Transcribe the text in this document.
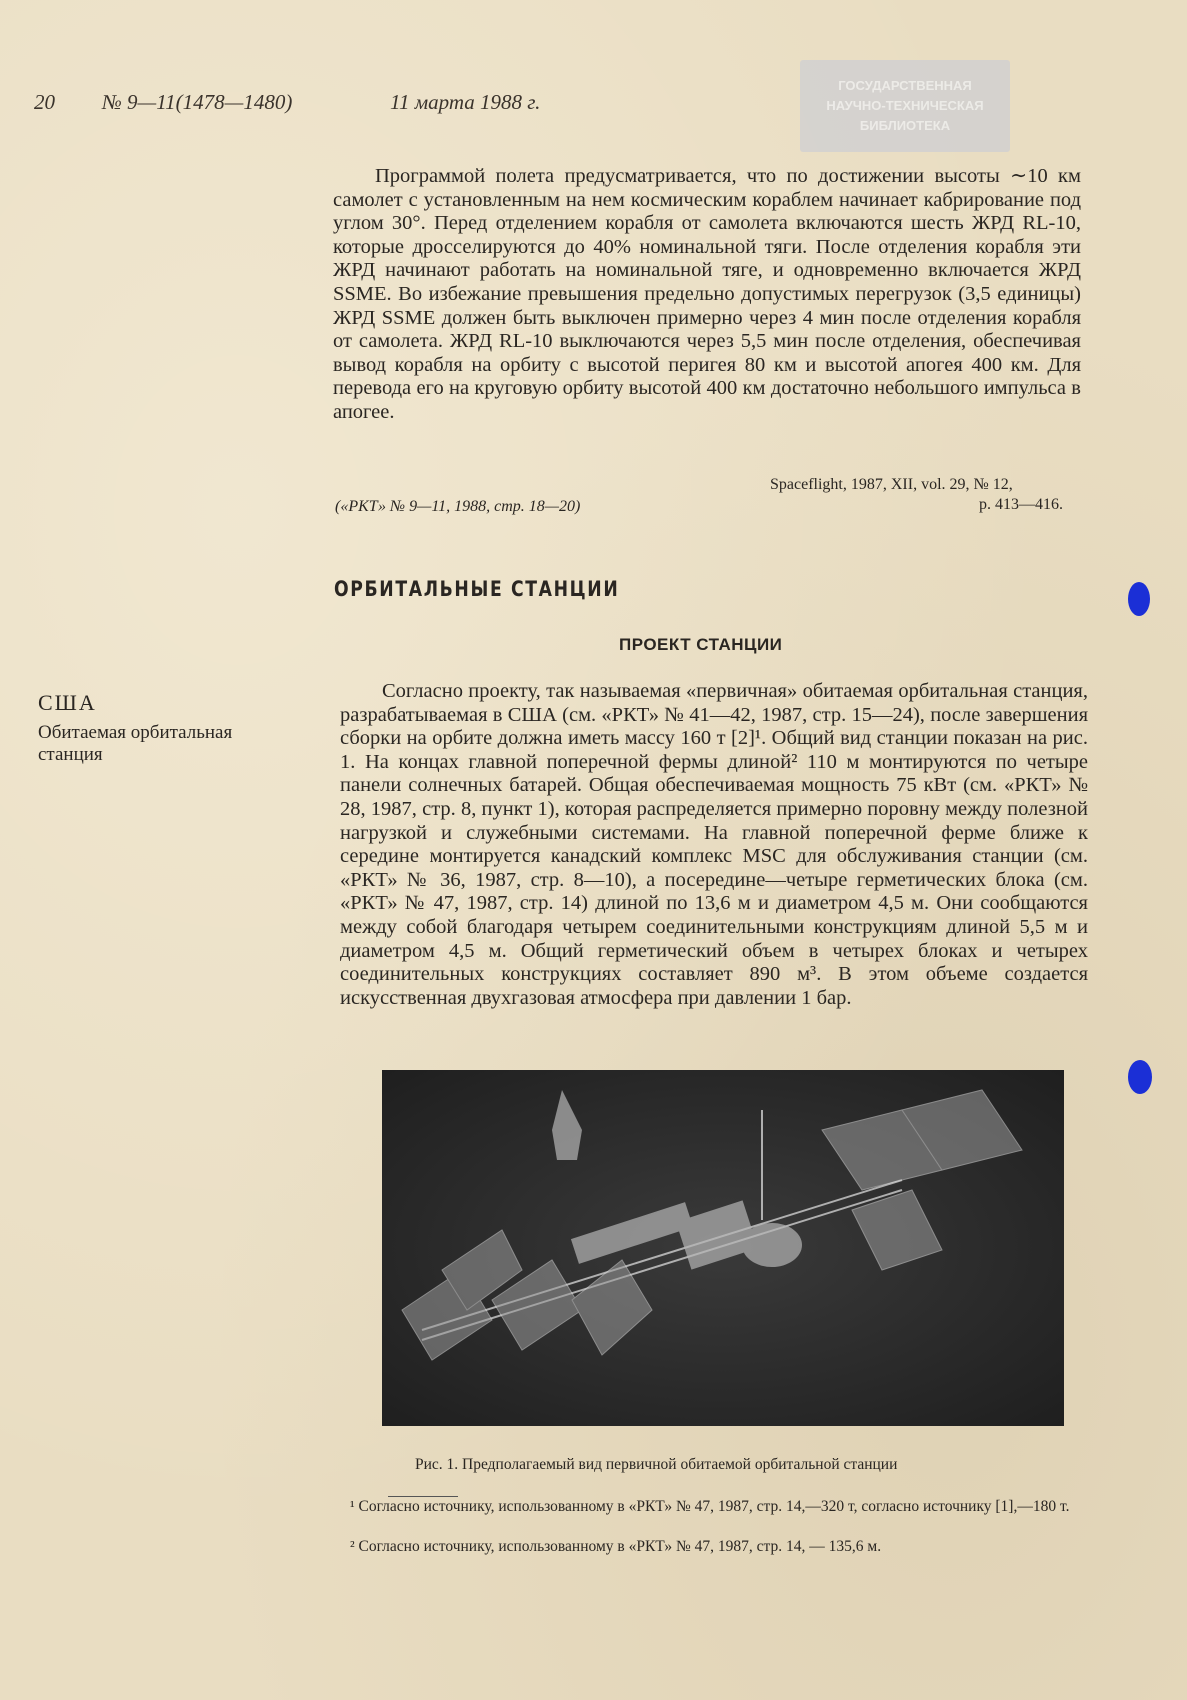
20 № 9—11(1478—1480)	11 марта 1988 г.
ГОСУДАРСТВЕННАЯ
НАУЧНО-ТЕХНИЧЕСКАЯ
БИБЛИОТЕКА

Программой полета предусматривается, что по достижении высоты ∼10 км самолет с установленным на нем космическим кораблем начинает кабрирование под углом 30°. Перед отделением корабля от самолета включаются шесть ЖРД RL-10, которые дросселируются до 40% номинальной тяги. После отделения корабля эти ЖРД начинают работать на номинальной тяге, и одновременно включается ЖРД SSME. Во избежание превышения предельно допустимых перегрузок (3,5 единицы) ЖРД SSME должен быть выключен примерно через 4 мин после отделения корабля от самолета. ЖРД RL-10 выключаются через 5,5 мин после отделения, обеспечивая вывод корабля на орбиту с высотой перигея 80 км и высотой апогея 400 км. Для перевода его на круговую орбиту высотой 400 км достаточно небольшого импульса в апогее.

Spaceflight, 1987, XII, vol. 29, № 12,
p. 413—416.
(«РКТ» № 9—11, 1988, стр. 18—20)
ОРБИТАЛЬНЫЕ СТАНЦИИ
ПРОЕКТ СТАНЦИИ
США
Обитаемая орбитальная станция

Согласно проекту, так называемая «первичная» обитаемая орбитальная станция, разрабатываемая в США (см. «РКТ» № 41—42, 1987, стр. 15—24), после завершения сборки на орбите должна иметь массу 160 т [2]¹. Общий вид станции показан на рис. 1. На концах главной поперечной фермы длиной² 110 м монтируются по четыре панели солнечных батарей. Общая обеспечиваемая мощность 75 кВт (см. «РКТ» № 28, 1987, стр. 8, пункт 1), которая распределяется примерно поровну между полезной нагрузкой и служебными системами. На главной поперечной ферме ближе к середине монтируется канадский комплекс MSC для обслуживания станции (см. «РКТ» № 36, 1987, стр. 8—10), а посередине—четыре герметических блока (см. «РКТ» № 47, 1987, стр. 14) длиной по 13,6 м и диаметром 4,5 м. Они сообщаются между собой благодаря четырем соединительными конструкциям длиной 5,5 м и диаметром 4,5 м. Общий герметический объем в четырех блоках и четырех соединительных конструкциях составляет 890 м³. В этом объеме создается искусственная двухгазовая атмосфера при давлении 1 бар.

Рис. 1. Предполагаемый вид первичной обитаемой орбитальной станции
¹ Согласно источнику, использованному в «РКТ» № 47, 1987, стр. 14,—320 т, согласно источнику [1],—180 т.
² Согласно источнику, использованному в «РКТ» № 47, 1987, стр. 14, — 135,6 м.
